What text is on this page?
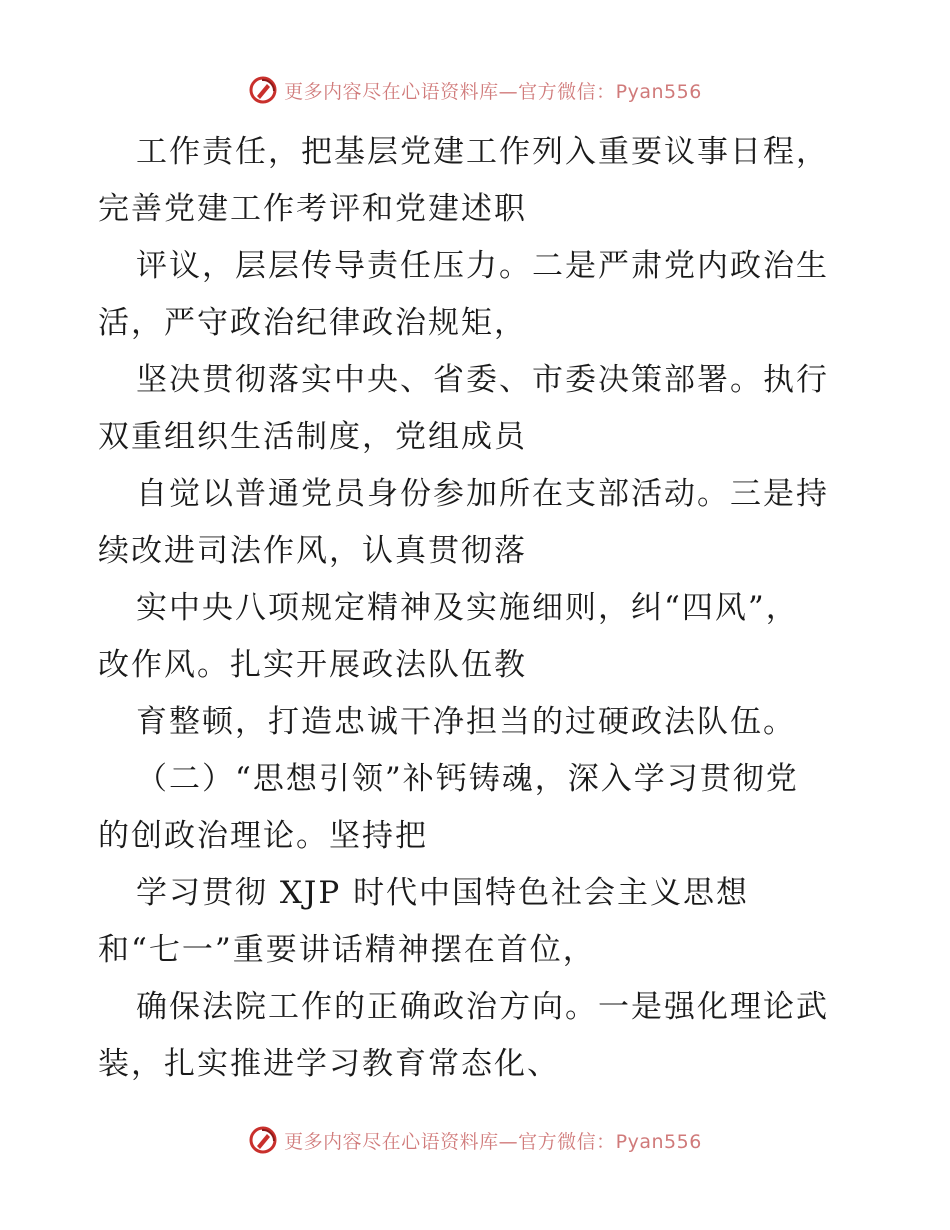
更多内容尽在心语资料库—官方微信：Pyan556
工作责任，把基层党建工作列入重要议事日程，
完善党建工作考评和党建述职
评议，层层传导责任压力。二是严肃党内政治生
活，严守政治纪律政治规矩，
坚决贯彻落实中央、省委、市委决策部署。执行
双重组织生活制度，党组成员
自觉以普通党员身份参加所在支部活动。三是持
续改进司法作风，认真贯彻落
实中央八项规定精神及实施细则，纠“四风”，
改作风。扎实开展政法队伍教
育整顿，打造忠诚干净担当的过硬政法队伍。
（二）“思想引领”补钙铸魂，深入学习贯彻党
的创政治理论。坚持把
学习贯彻 XJP 时代中国特色社会主义思想
和“七一”重要讲话精神摆在首位，
确保法院工作的正确政治方向。一是强化理论武
装，扎实推进学习教育常态化、
更多内容尽在心语资料库—官方微信：Pyan556
